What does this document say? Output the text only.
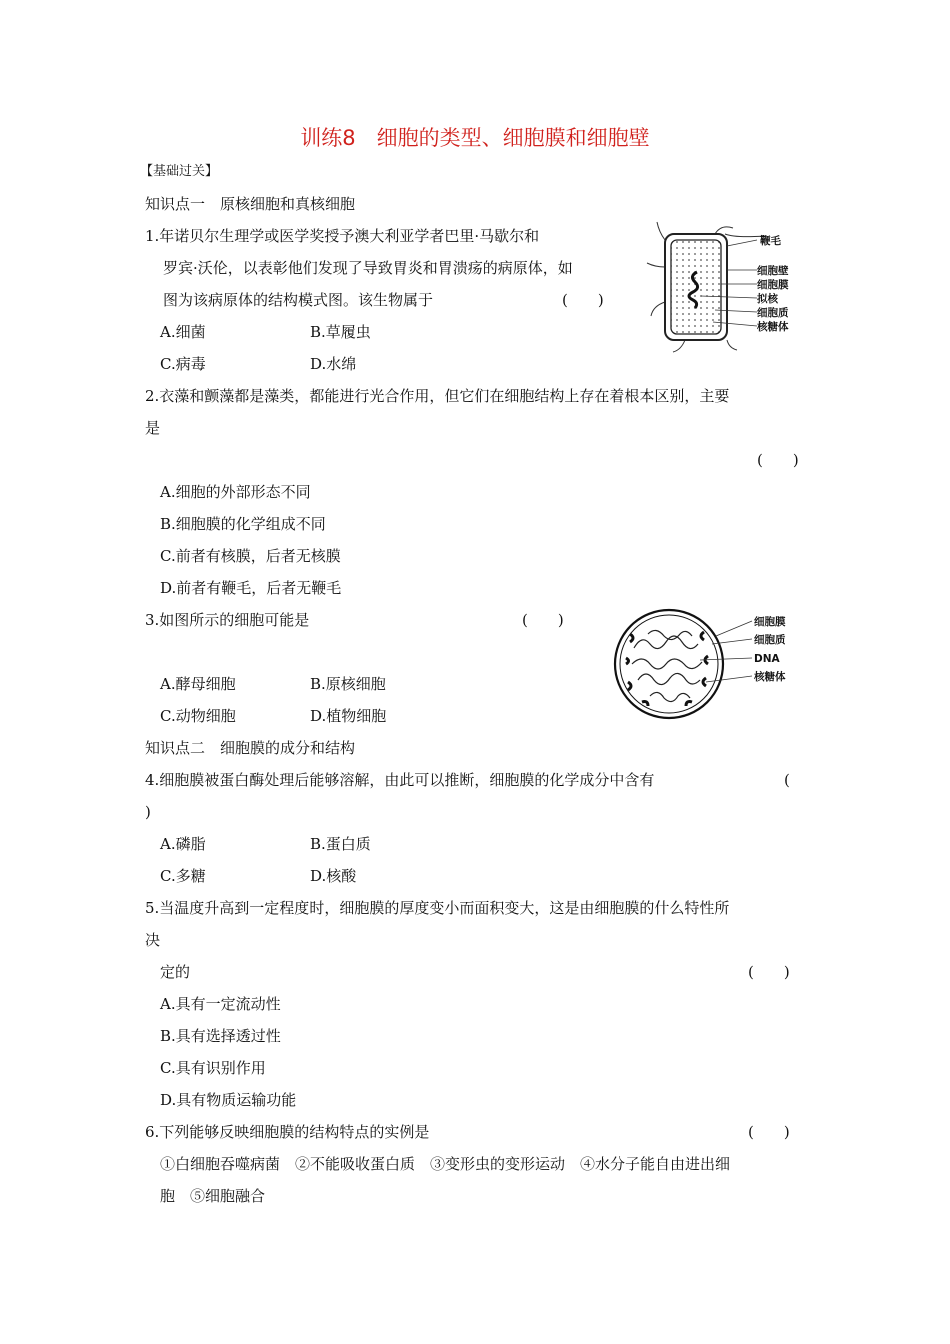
训练8　细胞的类型、细胞膜和细胞壁
【基础过关】
知识点一　原核细胞和真核细胞
1.年诺贝尔生理学或医学奖授予澳大利亚学者巴里·马歇尔和
罗宾·沃伦，以表彰他们发现了导致胃炎和胃溃疡的病原体，如
图为该病原体的结构模式图。该生物属于	(　　)
A.细菌	B.草履虫
C.病毒	D.水绵
鞭毛
细胞壁
细胞膜
拟核
细胞质
核糖体
2.衣藻和颤藻都是藻类，都能进行光合作用，但它们在细胞结构上存在着根本区别，主要
是
(　　)
A.细胞的外部形态不同
B.细胞膜的化学组成不同
C.前者有核膜，后者无核膜
D.前者有鞭毛，后者无鞭毛
3.如图所示的细胞可能是	(　　)
A.酵母细胞	B.原核细胞
C.动物细胞	D.植物细胞
细胞膜
细胞质
DNA
核糖体
知识点二　细胞膜的成分和结构
4.细胞膜被蛋白酶处理后能够溶解，由此可以推断，细胞膜的化学成分中含有	(
)
A.磷脂	B.蛋白质
C.多糖	D.核酸
5.当温度升高到一定程度时，细胞膜的厚度变小而面积变大，这是由细胞膜的什么特性所
决
定的	(　　)
A.具有一定流动性
B.具有选择透过性
C.具有识别作用
D.具有物质运输功能
6.下列能够反映细胞膜的结构特点的实例是	(　　)
①白细胞吞噬病菌　②不能吸收蛋白质　③变形虫的变形运动　④水分子能自由进出细
胞　⑤细胞融合
